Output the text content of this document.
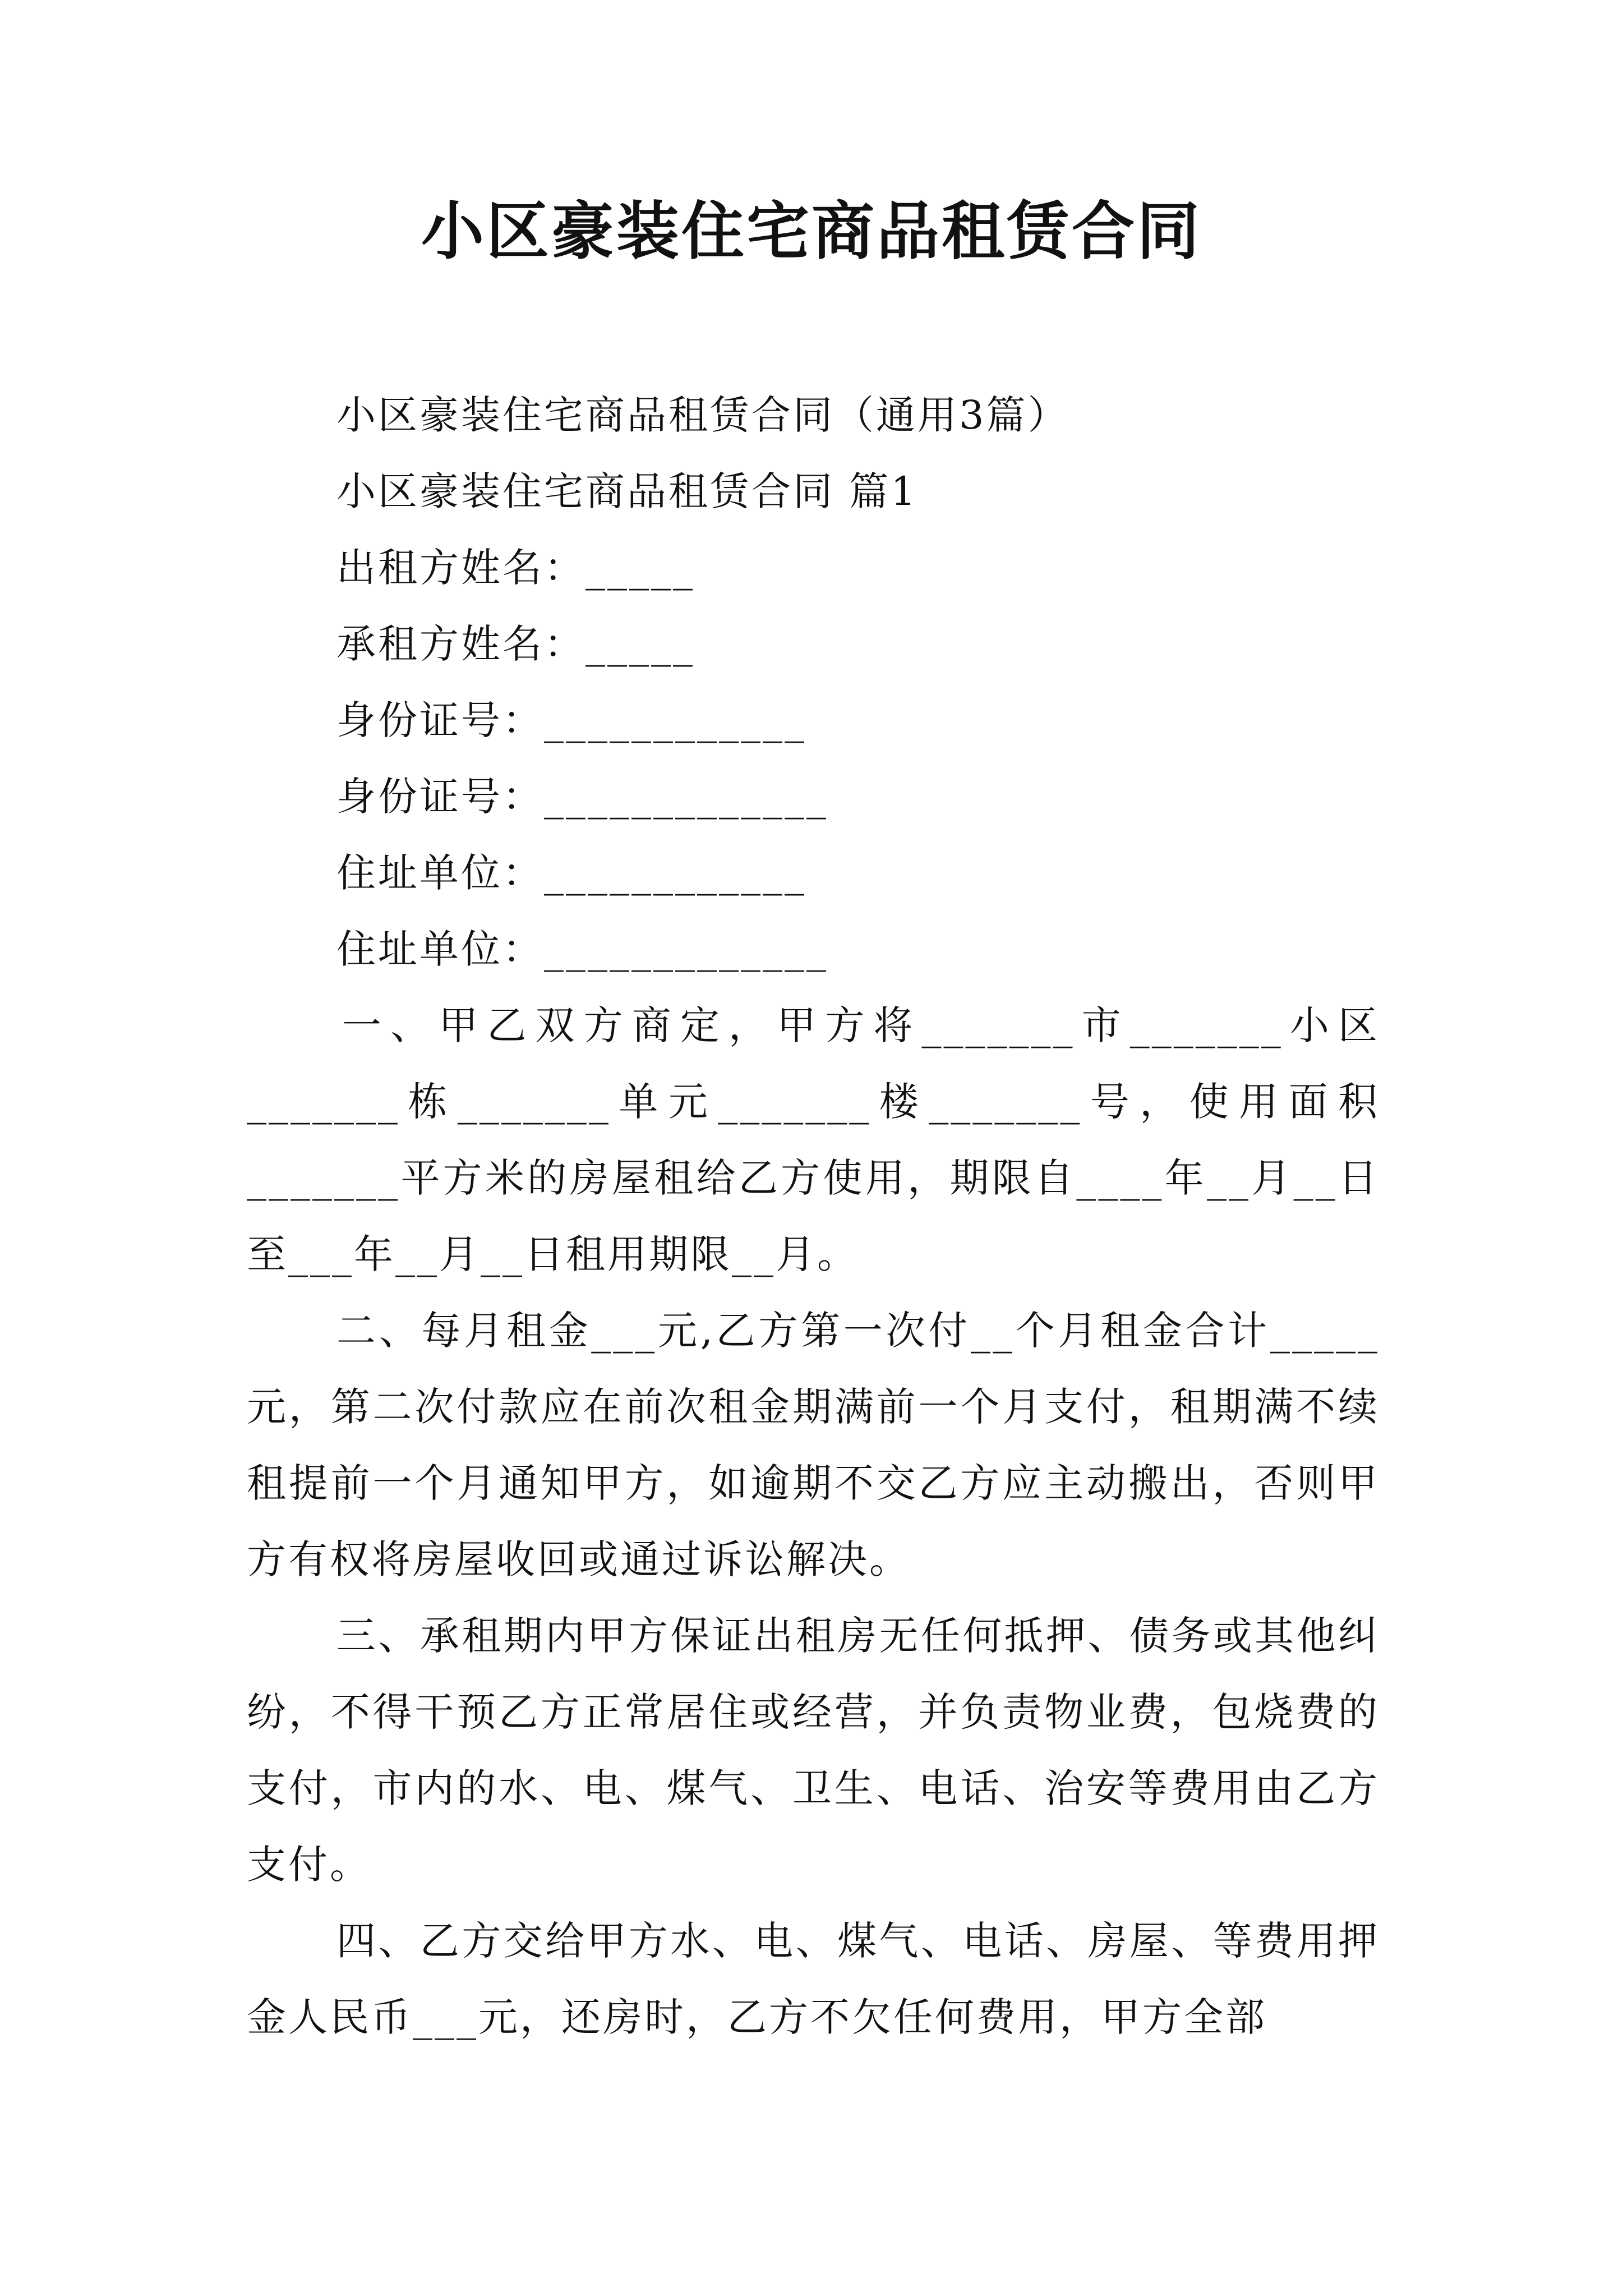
小区豪装住宅商品租赁合同

小区豪装住宅商品租赁合同（通用3篇）

小区豪装住宅商品租赁合同 篇1

出租方姓名：_____

承租方姓名：_____

身份证号：____________

身份证号：_____________

住址单位：____________

住址单位：_____________

一、甲乙双方商定，甲方将_______市_______小区_______栋_______单元_______楼_______号，使用面积_______平方米的房屋租给乙方使用，期限自____年__月__日至___年__月__日租用期限__月。

二、每月租金___元,乙方第一次付__个月租金合计_____元，第二次付款应在前次租金期满前一个月支付，租期满不续租提前一个月通知甲方，如逾期不交乙方应主动搬出，否则甲方有权将房屋收回或通过诉讼解决。

三、承租期内甲方保证出租房无任何抵押、债务或其他纠纷，不得干预乙方正常居住或经营，并负责物业费，包烧费的支付，市内的水、电、煤气、卫生、电话、治安等费用由乙方支付。

四、乙方交给甲方水、电、煤气、电话、房屋、等费用押金人民币___元，还房时，乙方不欠任何费用，甲方全部
